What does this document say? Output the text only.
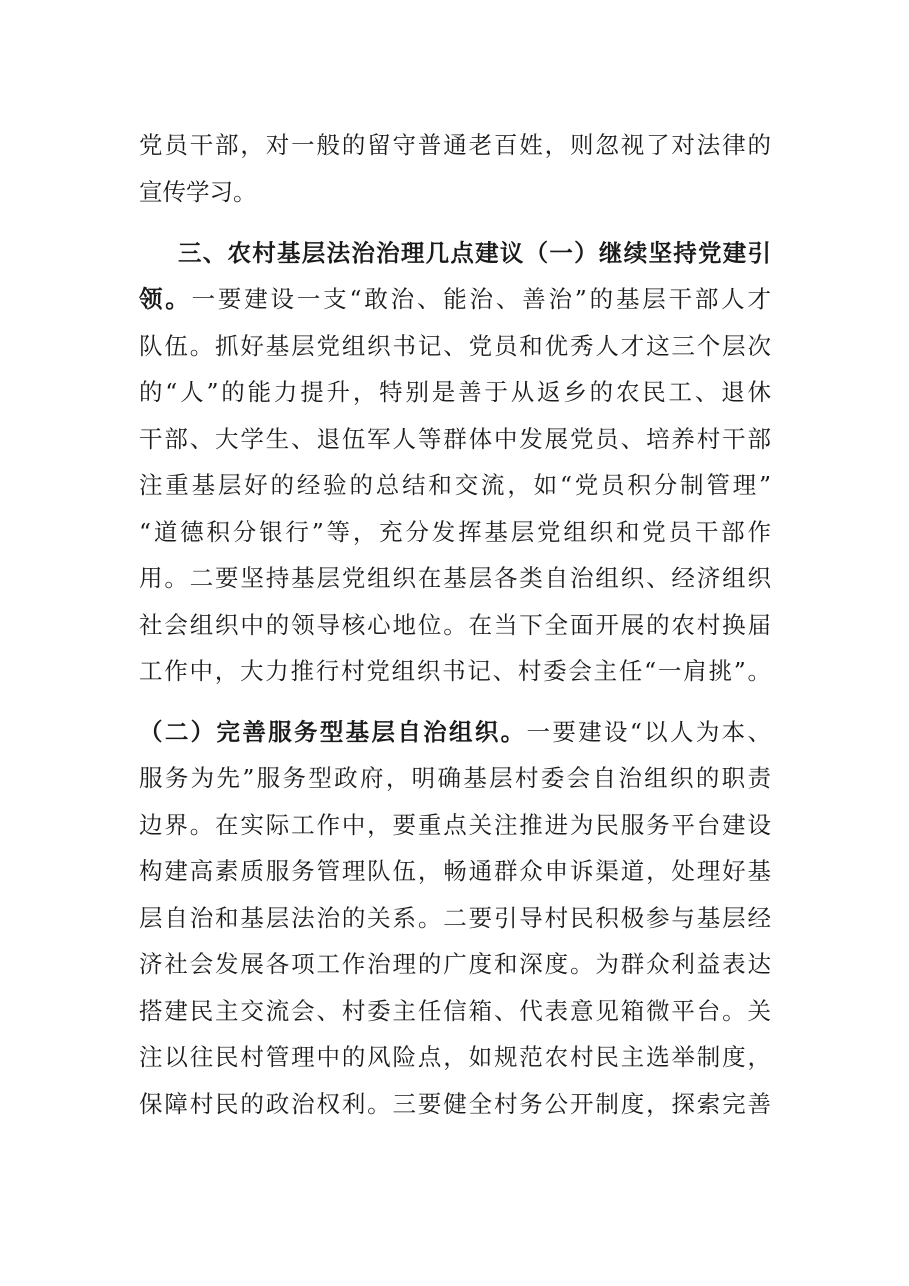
党员干部，对一般的留守普通老百姓，则忽视了对法律的
宣传学习。
三、农村基层法治治理几点建议（一）继续坚持党建引
领。一要建设一支“敢治、能治、善治”的基层干部人才
队伍。抓好基层党组织书记、党员和优秀人才这三个层次
的“人”的能力提升，特别是善于从返乡的农民工、退休
干部、大学生、退伍军人等群体中发展党员、培养村干部
注重基层好的经验的总结和交流，如“党员积分制管理”
“道德积分银行”等，充分发挥基层党组织和党员干部作
用。二要坚持基层党组织在基层各类自治组织、经济组织
社会组织中的领导核心地位。在当下全面开展的农村换届
工作中，大力推行村党组织书记、村委会主任“一肩挑”。
（二）完善服务型基层自治组织。一要建设“以人为本、
服务为先”服务型政府，明确基层村委会自治组织的职责
边界。在实际工作中，要重点关注推进为民服务平台建设
构建高素质服务管理队伍，畅通群众申诉渠道，处理好基
层自治和基层法治的关系。二要引导村民积极参与基层经
济社会发展各项工作治理的广度和深度。为群众利益表达
搭建民主交流会、村委主任信箱、代表意见箱微平台。关
注以往民村管理中的风险点，如规范农村民主选举制度，
保障村民的政治权利。三要健全村务公开制度，探索完善
